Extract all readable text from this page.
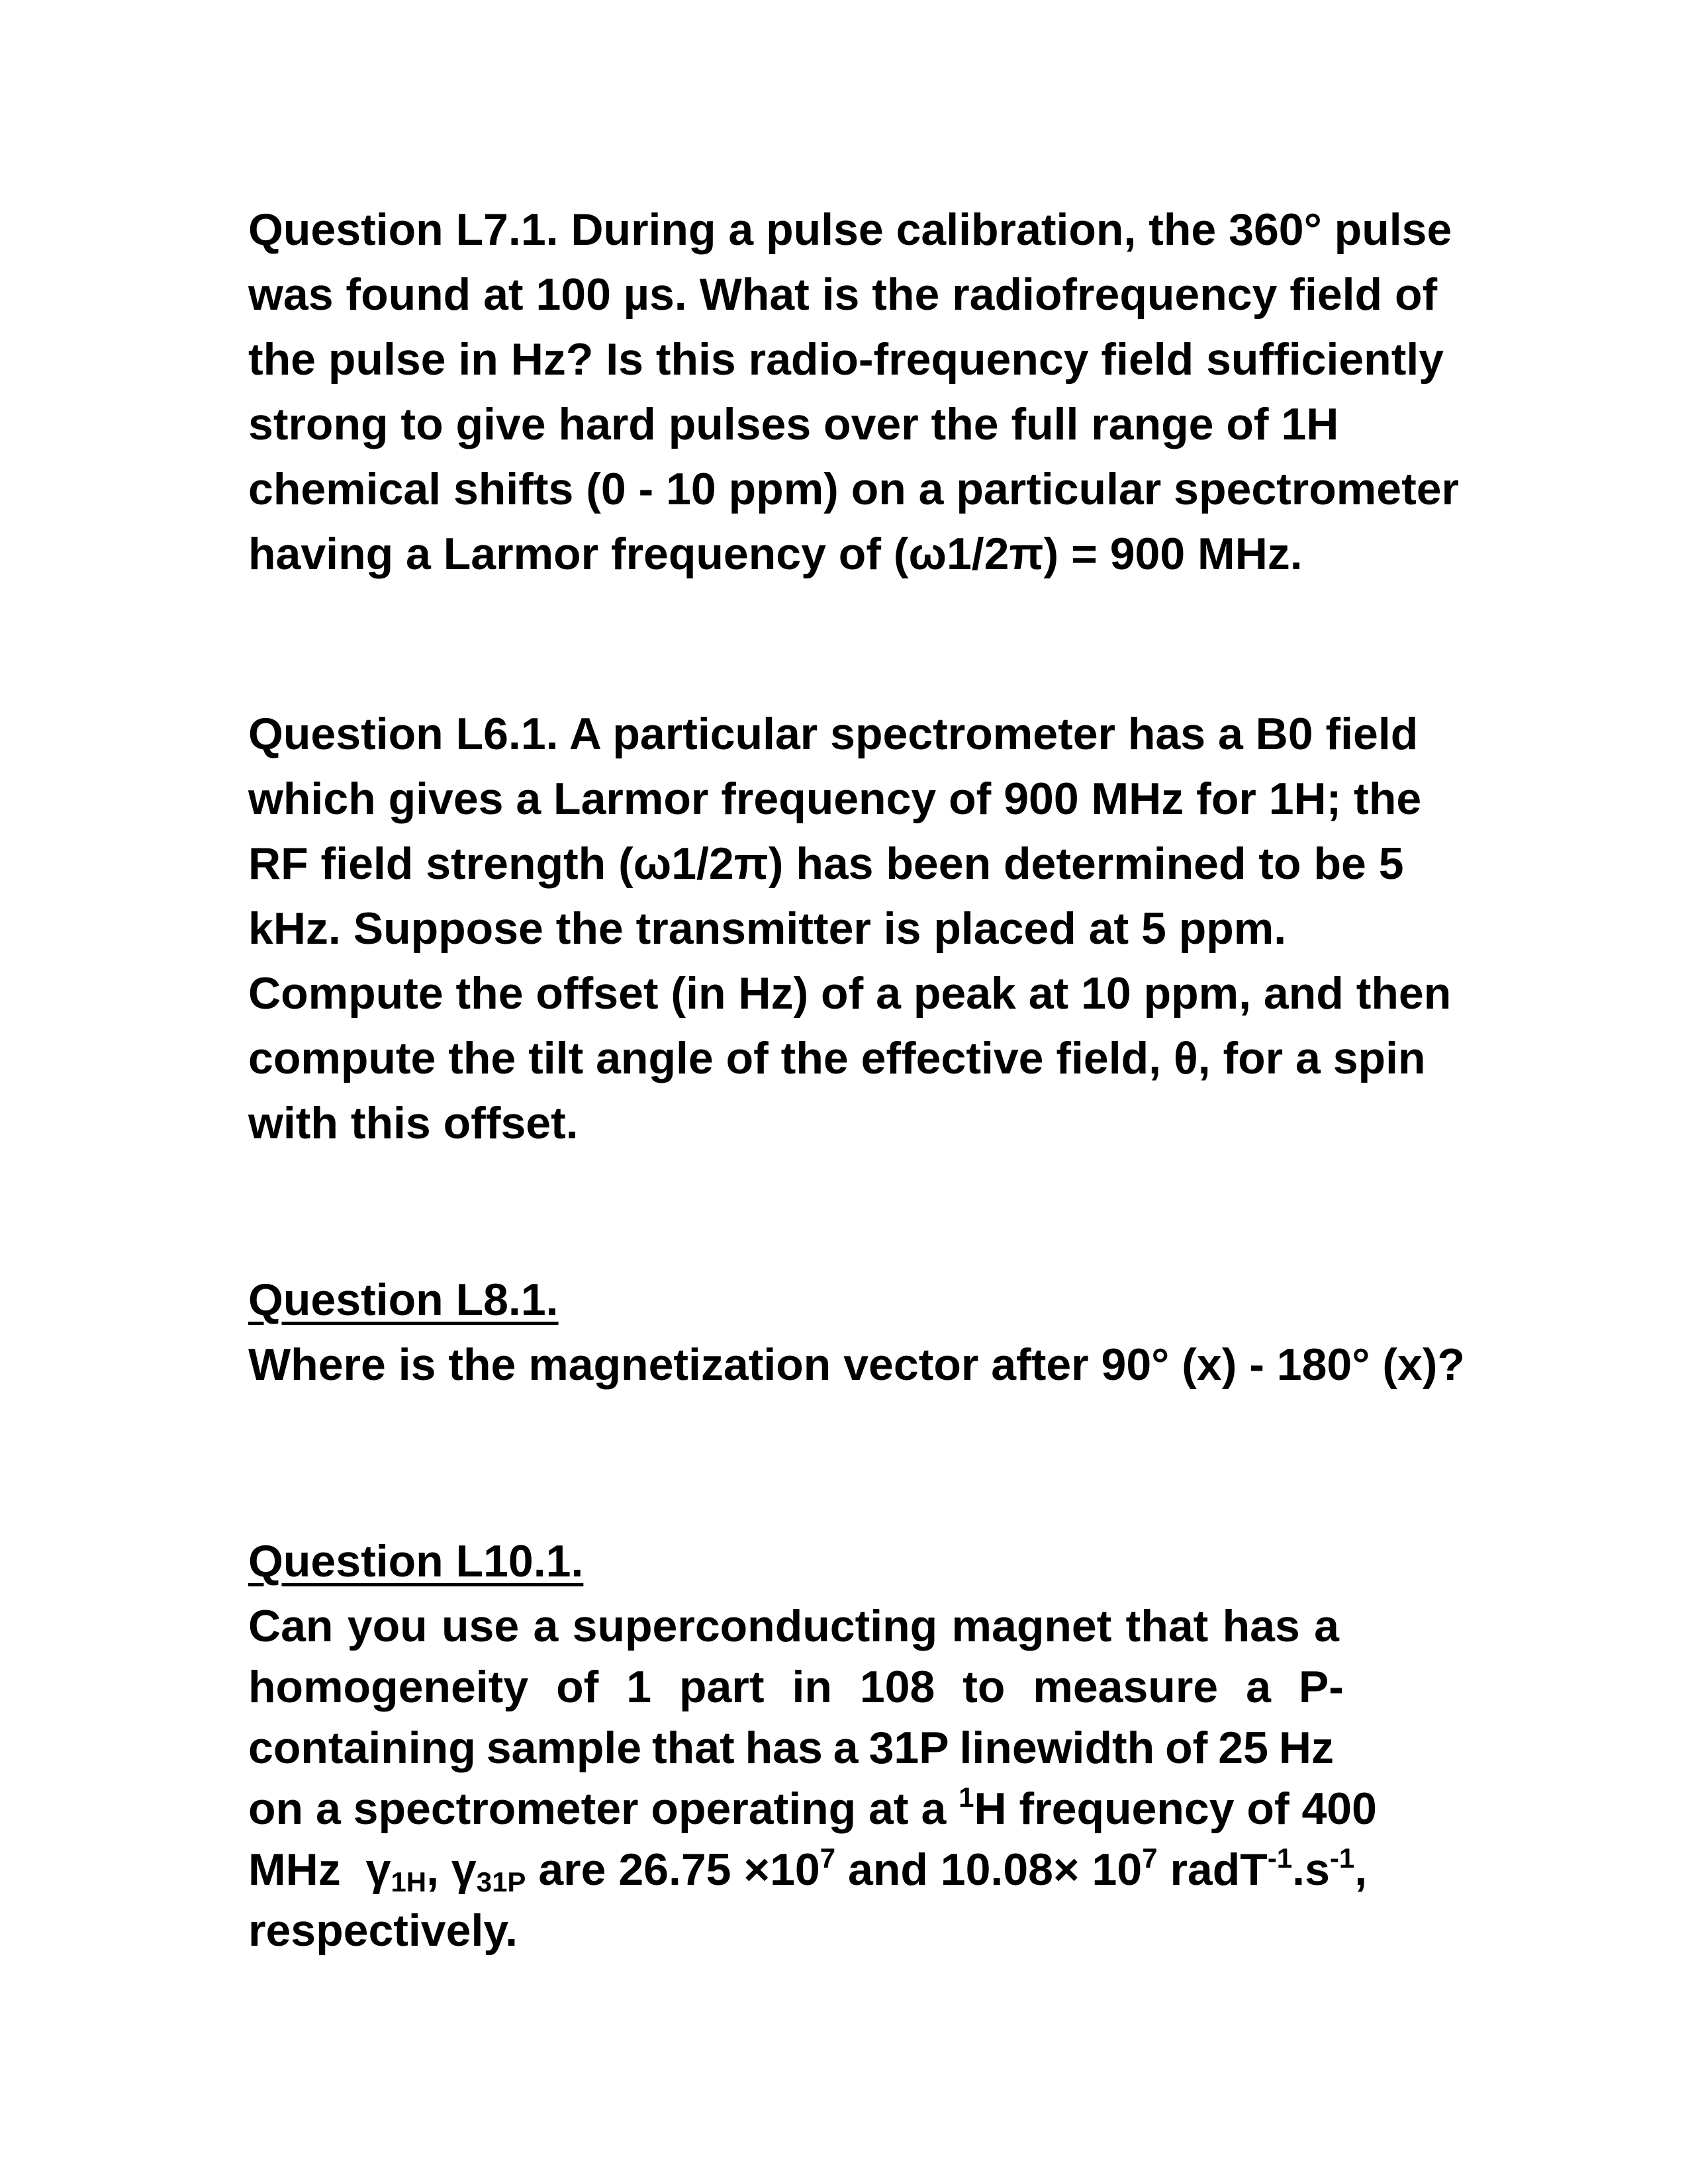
Question L7.1. During a pulse calibration, the 360° pulse
was found at 100 µs. What is the radiofrequency field of
the pulse in Hz? Is this radio-frequency field sufficiently
strong to give hard pulses over the full range of 1H
chemical shifts (0 - 10 ppm) on a particular spectrometer
having a Larmor frequency of (ω1/2π) = 900 MHz.
Question L6.1. A particular spectrometer has a B0 field
which gives a Larmor frequency of 900 MHz for 1H; the
RF field strength (ω1/2π) has been determined to be 5
kHz. Suppose the transmitter is placed at 5 ppm.
Compute the offset (in Hz) of a peak at 10 ppm, and then
compute the tilt angle of the effective field, θ, for a spin
with this offset.
Question L8.1.
Where is the magnetization vector after 90° (x) - 180° (x)?
Question L10.1.
Can you use a superconducting magnet that has a
homogeneity of 1 part in 108 to measure a P-
containing sample that has a 31P linewidth of 25 Hz
on a spectrometer operating at a $^1$H frequency of 400
MHz $\gamma_{1H}$, $\gamma_{31P}$ are $26.75 \times 10^7$ and $10.08\times 10^7$ $radT^{-1}.s^{-1}$,
respectively.
